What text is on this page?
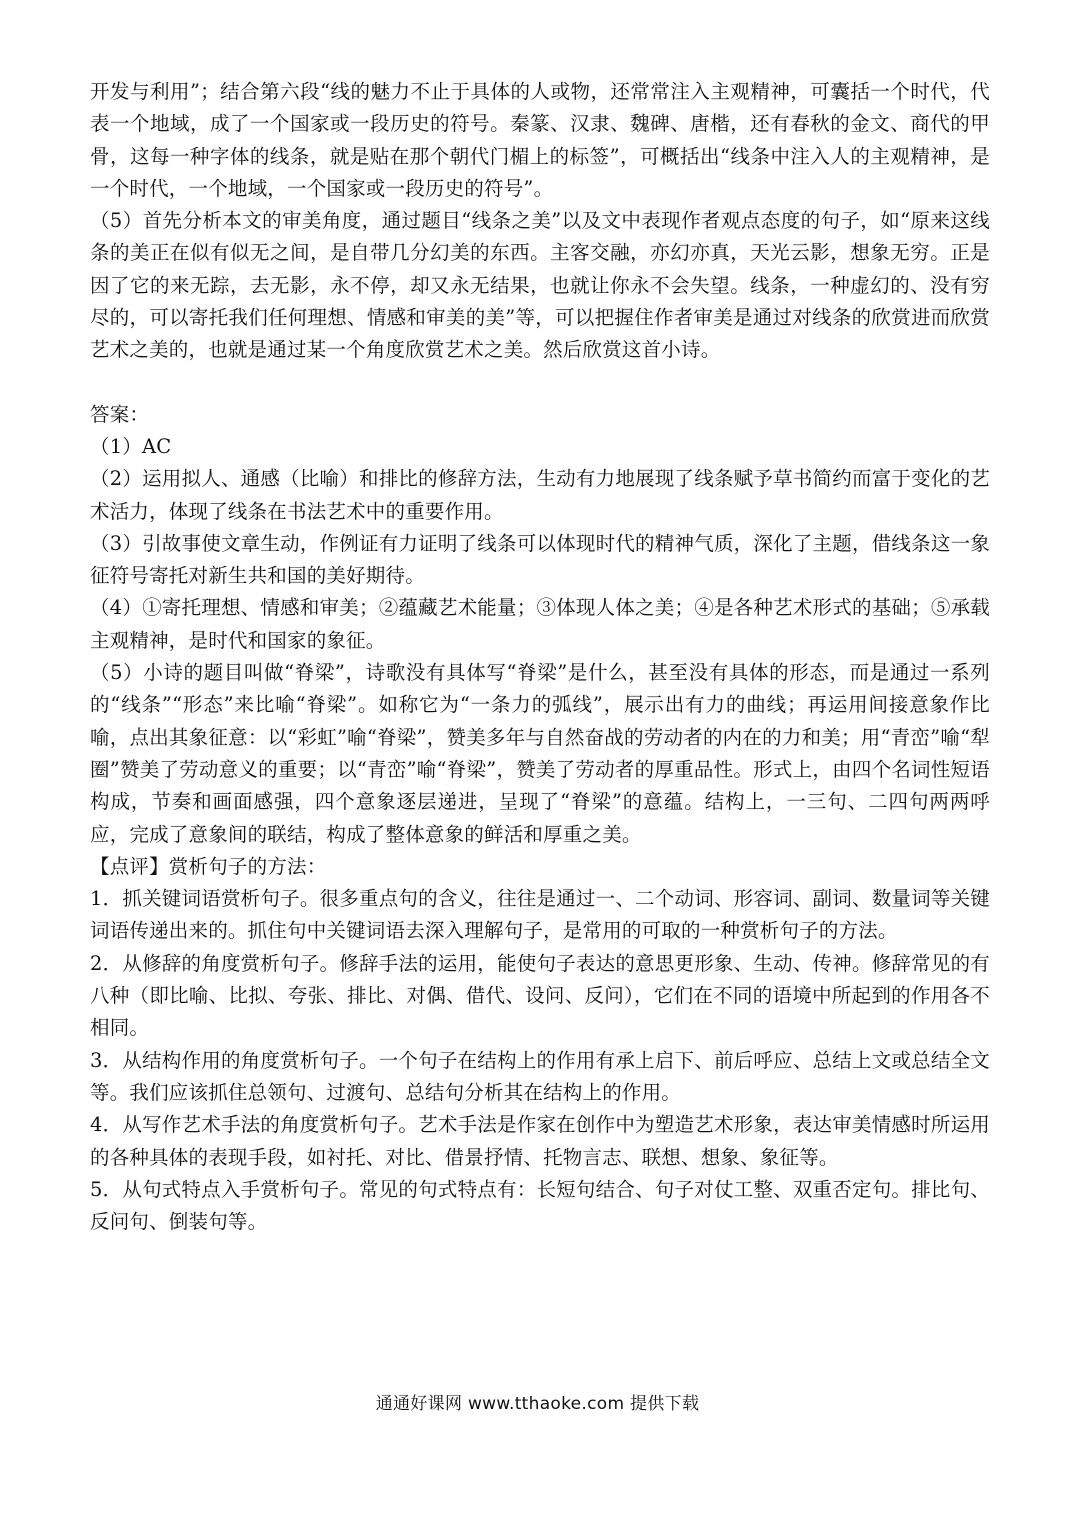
开发与利用”；结合第六段“线的魅力不止于具体的人或物，还常常注入主观精神，可囊括一个时代，代表一个地域，成了一个国家或一段历史的符号。秦篆、汉隶、魏碑、唐楷，还有春秋的金文、商代的甲骨，这每一种字体的线条，就是贴在那个朝代门楣上的标签”，可概括出“线条中注入人的主观精神，是一个时代，一个地域，一个国家或一段历史的符号”。

（5）首先分析本文的审美角度，通过题目“线条之美”以及文中表现作者观点态度的句子，如“原来这线条的美正在似有似无之间，是自带几分幻美的东西。主客交融，亦幻亦真，天光云影，想象无穷。正是因了它的来无踪，去无影，永不停，却又永无结果，也就让你永不会失望。线条，一种虚幻的、没有穷尽的，可以寄托我们任何理想、情感和审美的美”等，可以把握住作者审美是通过对线条的欣赏进而欣赏艺术之美的，也就是通过某一个角度欣赏艺术之美。然后欣赏这首小诗。

答案：

（1）AC

（2）运用拟人、通感（比喻）和排比的修辞方法，生动有力地展现了线条赋予草书简约而富于变化的艺术活力，体现了线条在书法艺术中的重要作用。

（3）引故事使文章生动，作例证有力证明了线条可以体现时代的精神气质，深化了主题，借线条这一象征符号寄托对新生共和国的美好期待。

（4）①寄托理想、情感和审美；②蕴藏艺术能量；③体现人体之美；④是各种艺术形式的基础；⑤承载主观精神，是时代和国家的象征。

（5）小诗的题目叫做“脊梁”，诗歌没有具体写“脊梁”是什么，甚至没有具体的形态，而是通过一系列的“线条”“形态”来比喻“脊梁”。如称它为“一条力的弧线”，展示出有力的曲线；再运用间接意象作比喻，点出其象征意：以“彩虹”喻“脊梁”，赞美多年与自然奋战的劳动者的内在的力和美；用“青峦”喻“犁圈”赞美了劳动意义的重要；以“青峦”喻“脊梁”，赞美了劳动者的厚重品性。形式上，由四个名词性短语构成，节奏和画面感强，四个意象逐层递进，呈现了“脊梁”的意蕴。结构上，一三句、二四句两两呼应，完成了意象间的联结，构成了整体意象的鲜活和厚重之美。

【点评】赏析句子的方法：

1．抓关键词语赏析句子。很多重点句的含义，往往是通过一、二个动词、形容词、副词、数量词等关键词语传递出来的。抓住句中关键词语去深入理解句子，是常用的可取的一种赏析句子的方法。

2．从修辞的角度赏析句子。修辞手法的运用，能使句子表达的意思更形象、生动、传神。修辞常见的有八种（即比喻、比拟、夸张、排比、对偶、借代、设问、反问），它们在不同的语境中所起到的作用各不相同。

3．从结构作用的角度赏析句子。一个句子在结构上的作用有承上启下、前后呼应、总结上文或总结全文等。我们应该抓住总领句、过渡句、总结句分析其在结构上的作用。

4．从写作艺术手法的角度赏析句子。艺术手法是作家在创作中为塑造艺术形象，表达审美情感时所运用的各种具体的表现手段，如衬托、对比、借景抒情、托物言志、联想、想象、象征等。

5．从句式特点入手赏析句子。常见的句式特点有：长短句结合、句子对仗工整、双重否定句。排比句、反问句、倒装句等。

通通好课网 www.tthaoke.com 提供下载
